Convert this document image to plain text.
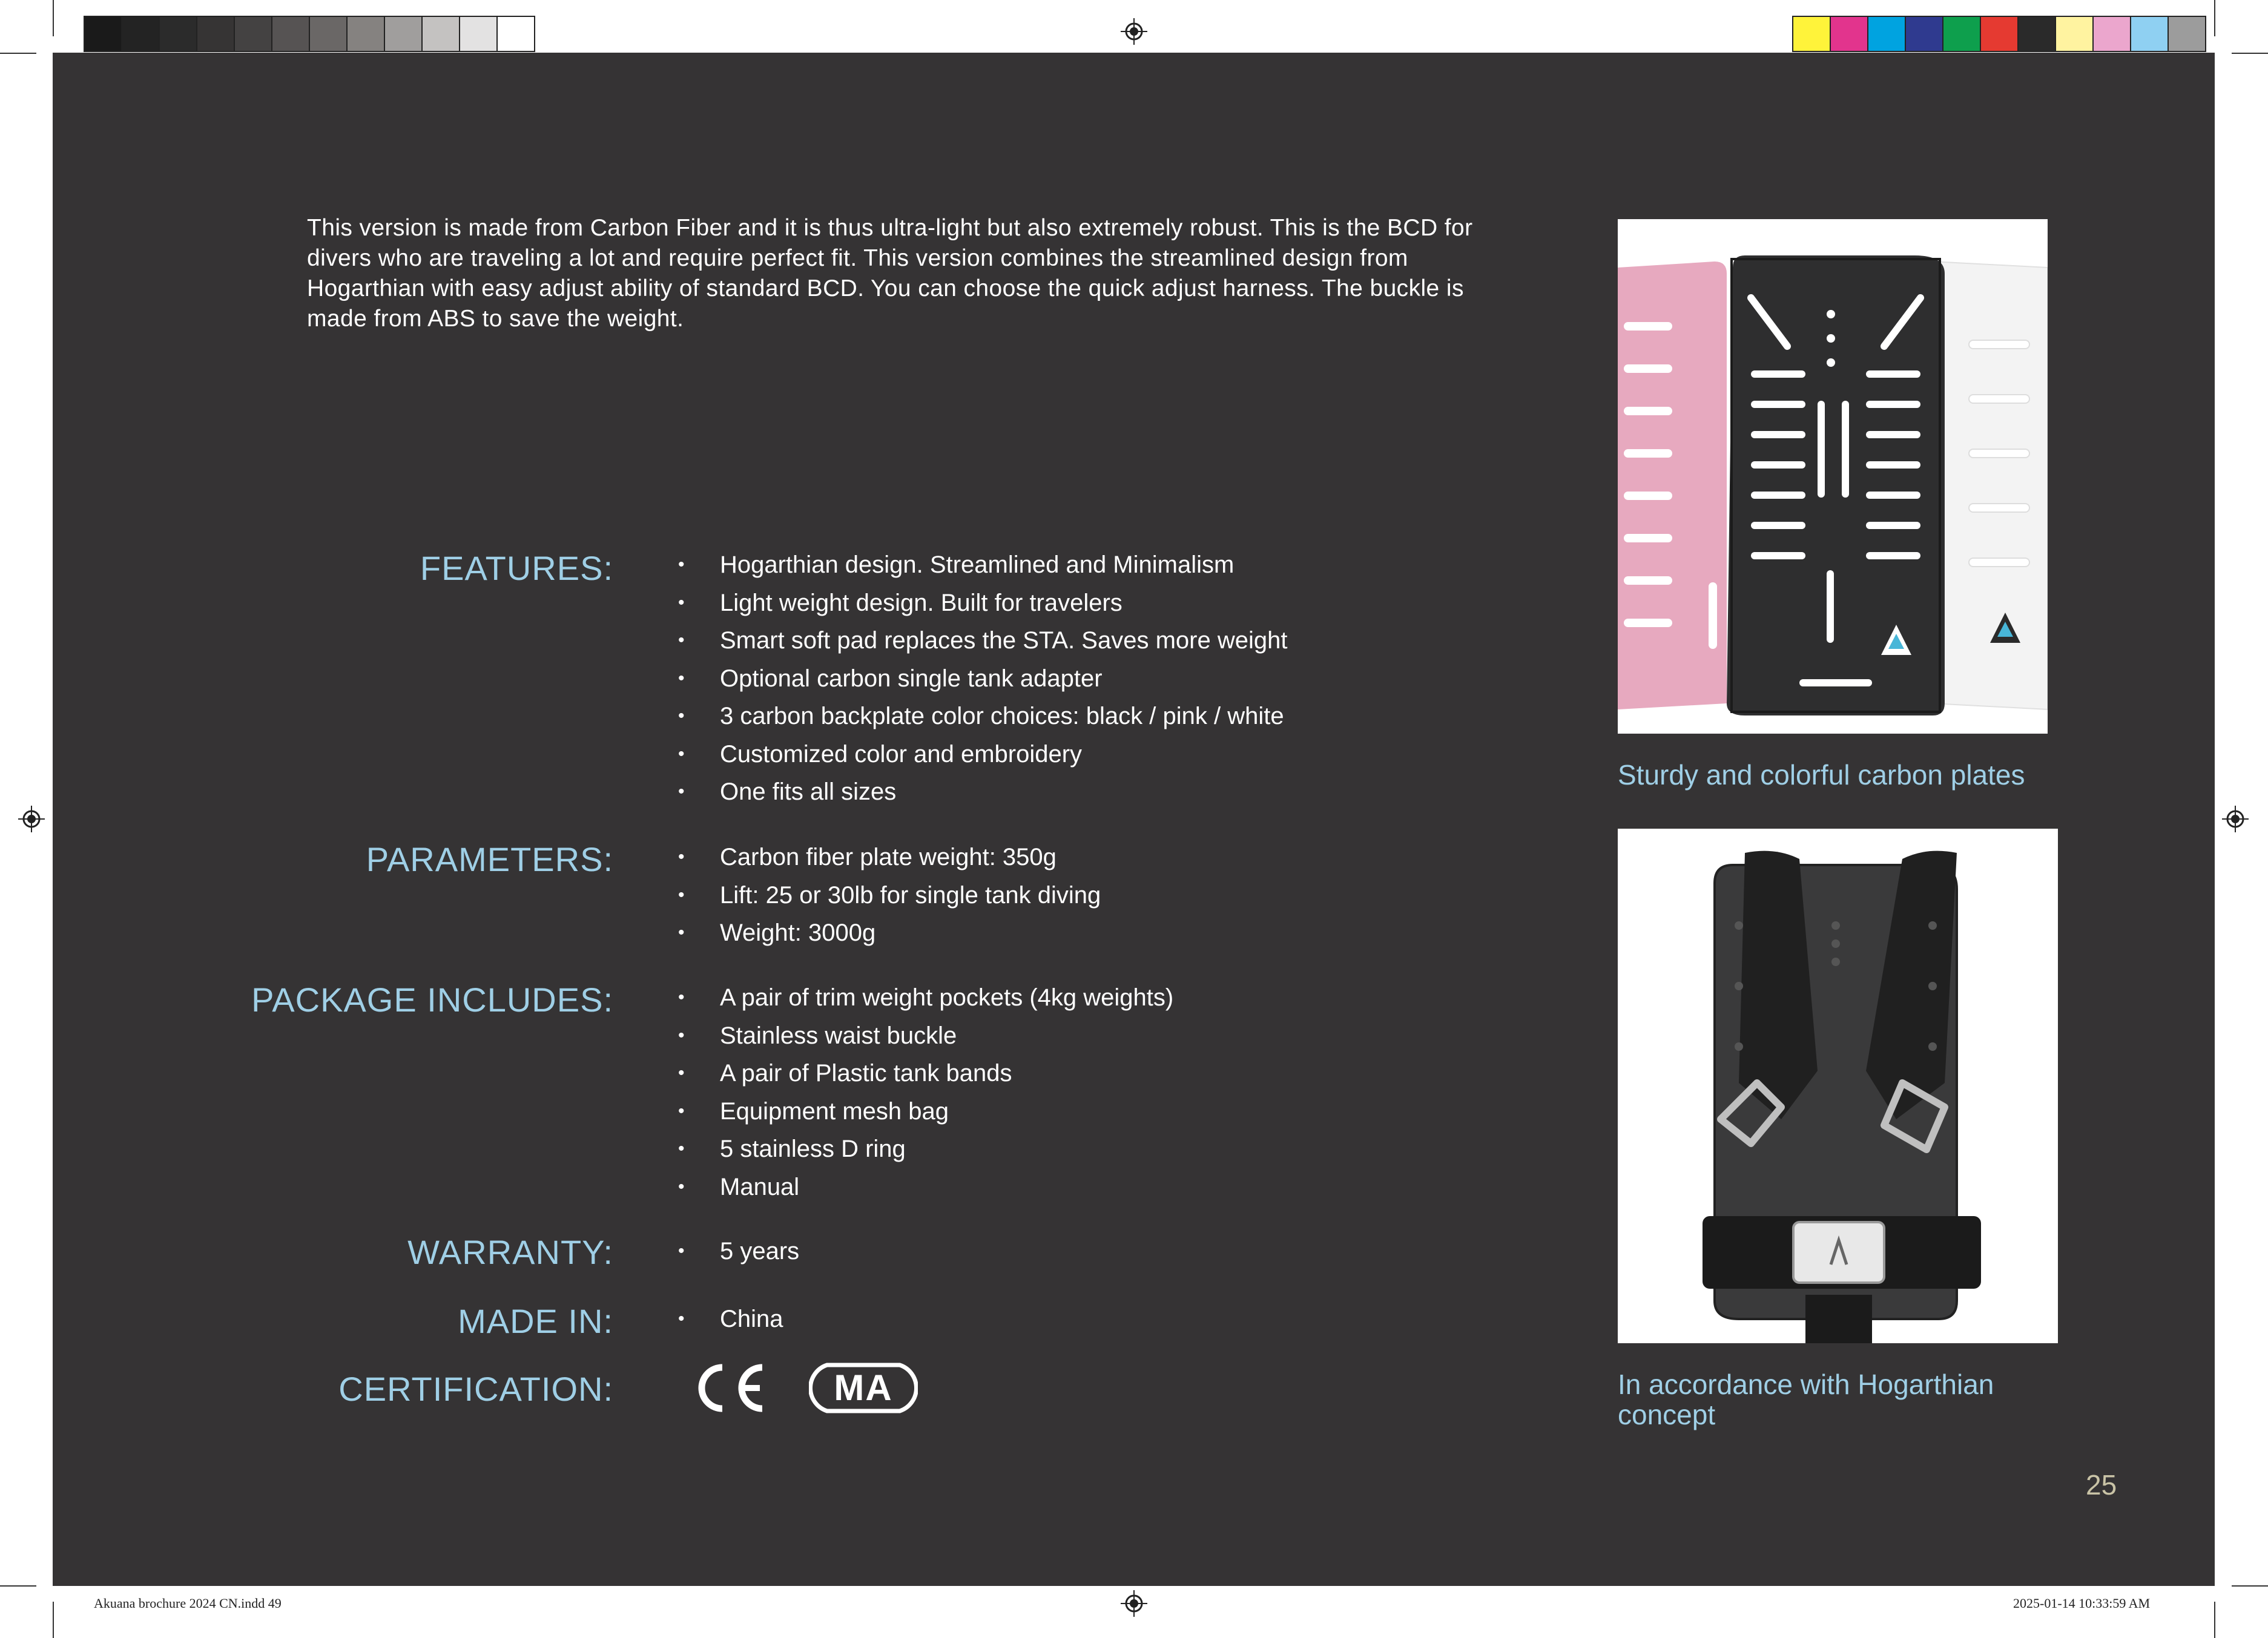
This version is made from Carbon Fiber and it is thus ultra-light but also extremely robust. This is the BCD for divers who are traveling a lot and require perfect fit. This version combines the streamlined design from Hogarthian with easy adjust ability of standard BCD. You can choose the quick adjust harness. The buckle is made from ABS to save the weight.

FEATURES:	• Hogarthian design. Streamlined and Minimalism
• Light weight design. Built for travelers
• Smart soft pad replaces the STA. Saves more weight
• Optional carbon single tank adapter
• 3 carbon backplate color choices: black / pink / white
• Customized color and embroidery
• One fits all sizes
PARAMETERS:	• Carbon fiber plate weight: 350g
• Lift: 25 or 30lb for single tank diving
• Weight: 3000g
PACKAGE INCLUDES:	• A pair of trim weight pockets (4kg weights)
• Stainless waist buckle
• A pair of Plastic tank bands
• Equipment mesh bag
• 5 stainless D ring
• Manual
WARRANTY:	• 5 years
MADE IN:	• China
CERTIFICATION:	MA
Sturdy and colorful carbon plates
In accordance with Hogarthian concept
25
Akuana brochure 2024 CN.indd 49	2025-01-14 10:33:59 AM
